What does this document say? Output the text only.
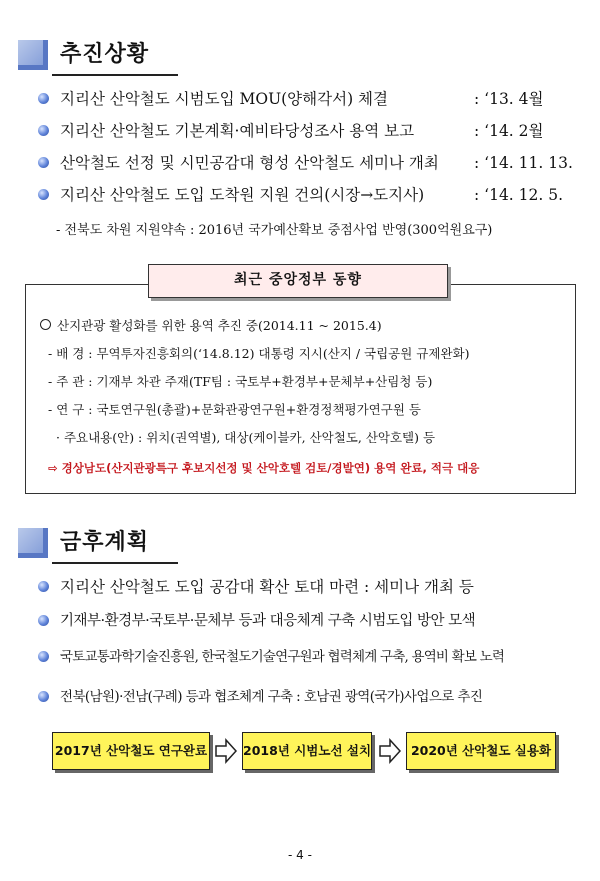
추진상황
지리산 산악철도 시범도입 MOU(양해각서) 체결	: ‘13. 4월
지리산 산악철도 기본계획·예비타당성조사 용역 보고	: ‘14. 2월
산악철도 선정 및 시민공감대 형성 산악철도 세미나 개최 : ‘14. 11. 13.
지리산 산악철도 도입 도착원 지원 건의(시장→도지사)	: ‘14. 12. 5.
- 전북도 차원 지원약속 : 2016년 국가예산확보 중점사업 반영(300억원요구)
산지관광 활성화를 위한 용역 추진 중(2014.11 ~ 2015.4)
- 배 경 : 무역투자진흥회의(‘14.8.12) 대통령 지시(산지 / 국립공원 규제완화)
- 주 관 : 기재부 차관 주재(TF팀 : 국토부+환경부+문체부+산림청 등)
- 연 구 : 국토연구원(총괄)+문화관광연구원+환경정책평가연구원 등
· 주요내용(안) : 위치(권역별), 대상(케이블카, 산악철도, 산악호텔) 등
⇨ 경상남도(산지관광특구 후보지선정 및 산악호텔 검토/경발연) 용역 완료, 적극 대응
최근 중앙정부 동향
금후계획
지리산 산악철도 도입 공감대 확산 토대 마련 : 세미나 개최 등
기재부·환경부·국토부·문체부 등과 대응체계 구축 시범도입 방안 모색
국토교통과학기술진흥원, 한국철도기술연구원과 협력체계 구축, 용역비 확보 노력
전북(남원)·전남(구례) 등과 협조체계 구축 : 호남권 광역(국가)사업으로 추진
2017년 산악철도 연구완료	2018년 시범노선 설치	2020년 산악철도 실용화
- 4 -
